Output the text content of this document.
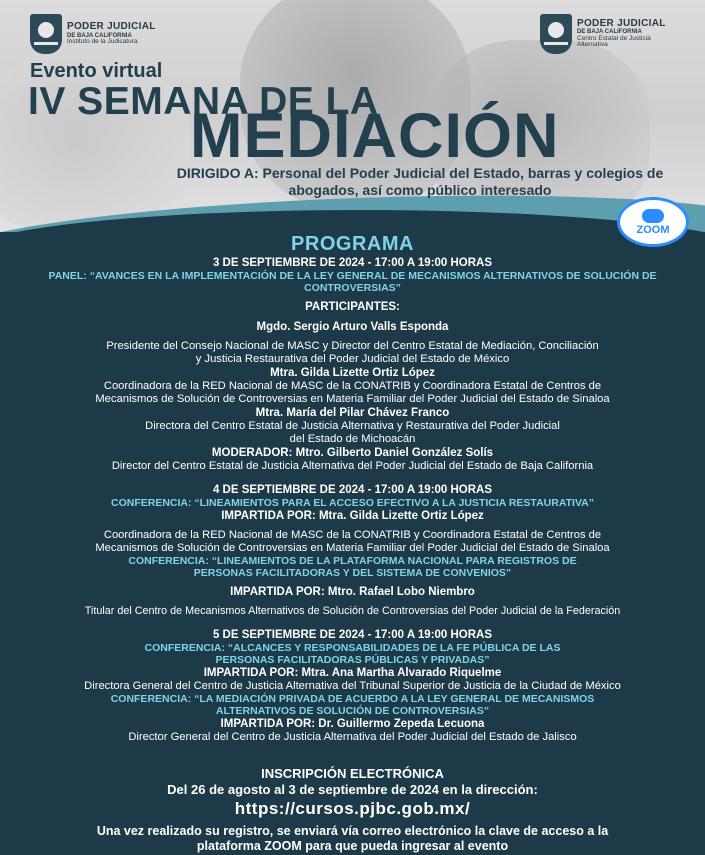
PODER JUDICIAL
DE BAJA CALIFORNIA
Instituto de la Judicatura
PODER JUDICIAL
DE BAJA CALIFORNIA
Centro Estatal de Justicia
Alternativa
Evento virtual
IV SEMANA DE LA
MEDIACIÓN
DIRIGIDO A: Personal del Poder Judicial del Estado, barras y colegios de abogados, así como público interesado
ZOOM
PROGRAMA
3 DE SEPTIEMBRE DE 2024 - 17:00 A 19:00 HORAS
PANEL: “AVANCES EN LA IMPLEMENTACIÓN DE LA LEY GENERAL DE MECANISMOS ALTERNATIVOS DE SOLUCIÓN DE CONTROVERSIAS”
PARTICIPANTES:
Mgdo. Sergio Arturo Valls Esponda
Presidente del Consejo Nacional de MASC y Director del Centro Estatal de Mediación, Conciliación
y Justicia Restaurativa del Poder Judicial del Estado de México
Mtra. Gilda Lizette Ortiz López
Coordinadora de la RED Nacional de MASC de la CONATRIB y Coordinadora Estatal de Centros de
Mecanismos de Solución de Controversias en Materia Familiar del Poder Judicial del Estado de Sinaloa
Mtra. María del Pilar Chávez Franco
Directora del Centro Estatal de Justicia Alternativa y Restaurativa del Poder Judicial
del Estado de Michoacán
MODERADOR: Mtro. Gilberto Daniel González Solís
Director del Centro Estatal de Justicia Alternativa del Poder Judicial del Estado de Baja California
4 DE SEPTIEMBRE DE 2024 - 17:00 A 19:00 HORAS
CONFERENCIA: “LINEAMIENTOS PARA EL ACCESO EFECTIVO A LA JUSTICIA RESTAURATIVA”
IMPARTIDA POR: Mtra. Gilda Lizette Ortiz López
Coordinadora de la RED Nacional de MASC de la CONATRIB y Coordinadora Estatal de Centros de
Mecanismos de Solución de Controversias en Materia Familiar del Poder Judicial del Estado de Sinaloa
CONFERENCIA: “LINEAMIENTOS DE LA PLATAFORMA NACIONAL PARA REGISTROS DE PERSONAS FACILITADORAS Y DEL SISTEMA DE CONVENIOS”
IMPARTIDA POR: Mtro. Rafael Lobo Niembro
Titular del Centro de Mecanismos Alternativos de Solución de Controversias del Poder Judicial de la Federación
5 DE SEPTIEMBRE DE 2024 - 17:00 A 19:00 HORAS
CONFERENCIA: “ALCANCES Y RESPONSABILIDADES DE LA FE PÚBLICA DE LAS PERSONAS FACILITADORAS PÚBLICAS Y PRIVADAS”
IMPARTIDA POR: Mtra. Ana Martha Alvarado Riquelme
Directora General del Centro de Justicia Alternativa del Tribunal Superior de Justicia de la Ciudad de México
CONFERENCIA: “LA MEDIACIÓN PRIVADA DE ACUERDO A LA LEY GENERAL DE MECANISMOS ALTERNATIVOS DE SOLUCIÓN DE CONTROVERSIAS”
IMPARTIDA POR: Dr. Guillermo Zepeda Lecuona
Director General del Centro de Justicia Alternativa del Poder Judicial del Estado de Jalisco
INSCRIPCIÓN ELECTRÓNICA
Del 26 de agosto al 3 de septiembre de 2024 en la dirección:
https://cursos.pjbc.gob.mx/
Una vez realizado su registro, se enviará vía correo electrónico la clave de acceso a la
plataforma ZOOM para que pueda ingresar al evento
